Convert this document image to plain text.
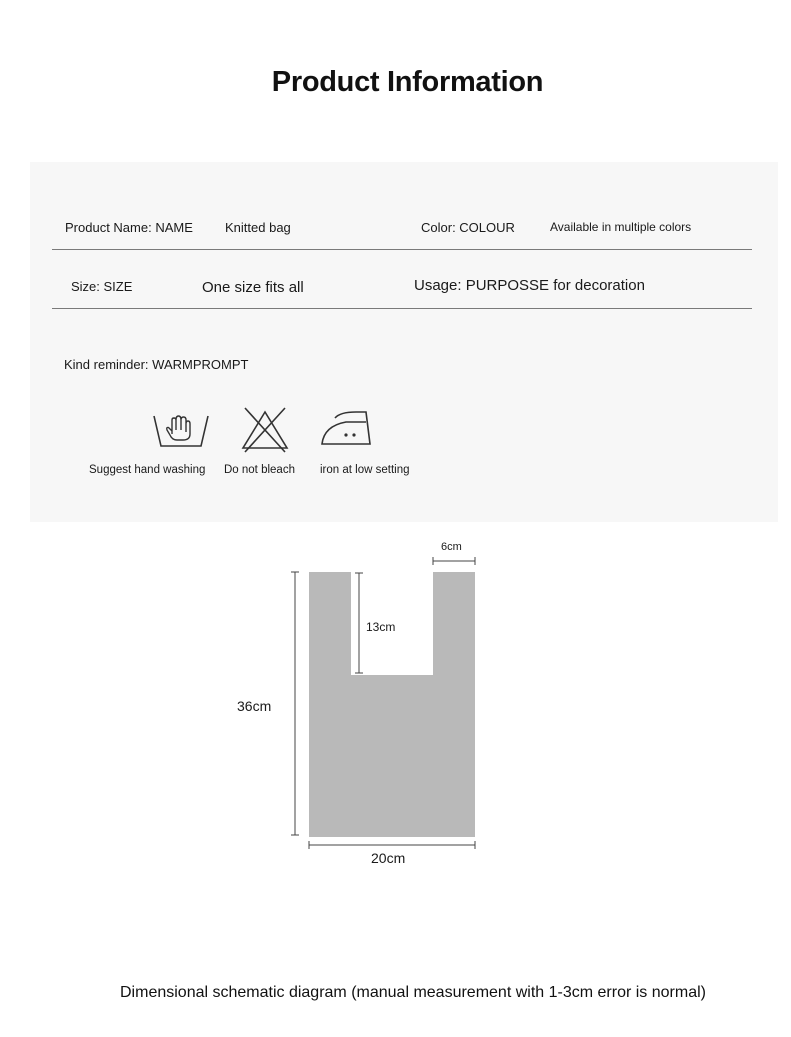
Product Information
Product Name: NAME Knitted bag	Color: COLOUR	Available in multiple colors
Size: SIZE	One size fits all	Usage: PURPOSSE for decoration
Kind reminder: WARMPROMPT
Suggest hand washing Do not bleach iron at low setting
36cm
13cm
6cm
20cm
Dimensional schematic diagram (manual measurement with 1-3cm error is normal)
